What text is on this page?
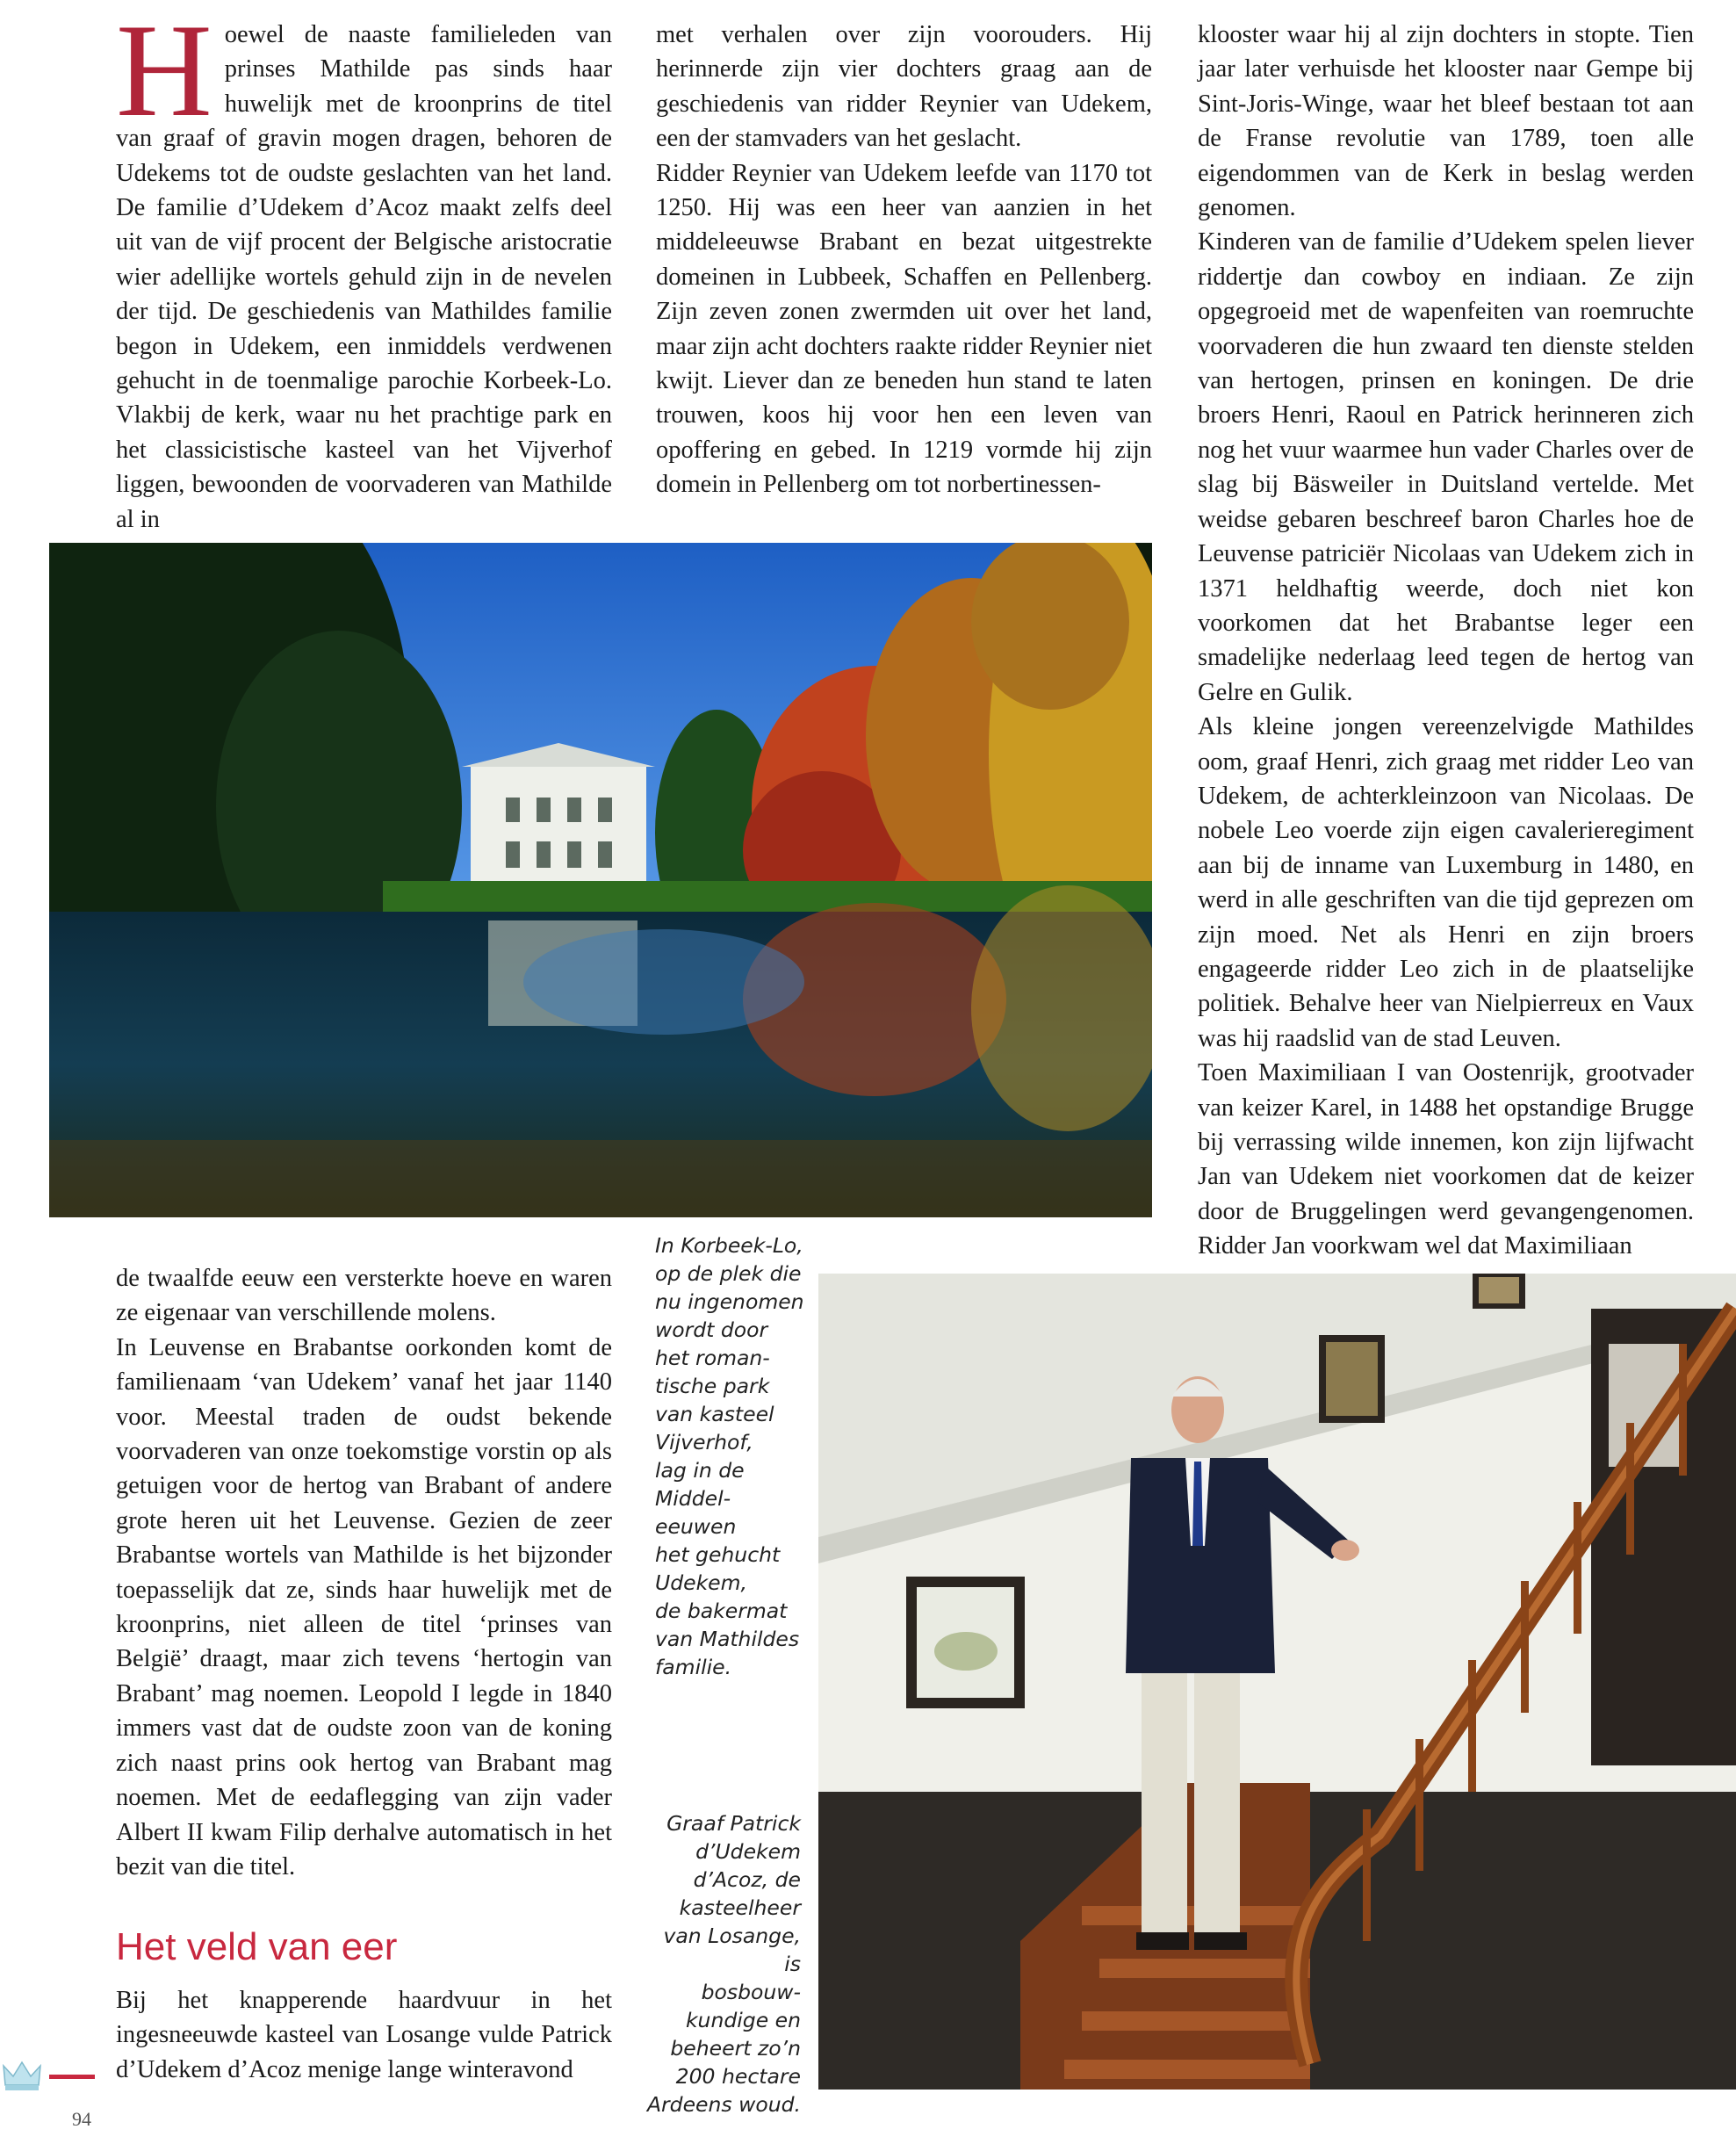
Hoewel de naaste familieleden van prinses Mathilde pas sinds haar huwelijk met de kroonprins de titel van graaf of gravin mogen dragen, behoren de Udekems tot de oudste geslachten van het land. De familie d’Udekem d’Acoz maakt zelfs deel uit van de vijf procent der Belgische aristocratie wier adellijke wortels gehuld zijn in de nevelen der tijd. De geschiedenis van Mathildes familie begon in Udekem, een inmiddels verdwenen gehucht in de toenmalige parochie Korbeek-Lo. Vlakbij de kerk, waar nu het prachtige park en het classicistische kasteel van het Vijverhof liggen, bewoonden de voorvaderen van Mathilde al in

met verhalen over zijn voorouders. Hij herinnerde zijn vier dochters graag aan de geschiedenis van ridder Reynier van Udekem, een der stamvaders van het geslacht.

Ridder Reynier van Udekem leefde van 1170 tot 1250. Hij was een heer van aanzien in het middeleeuwse Brabant en bezat uitgestrekte domeinen in Lubbeek, Schaffen en Pellenberg. Zijn zeven zonen zwermden uit over het land, maar zijn acht dochters raakte ridder Reynier niet kwijt. Liever dan ze beneden hun stand te laten trouwen, koos hij voor hen een leven van opoffering en gebed. In 1219 vormde hij zijn domein in Pellenberg om tot norbertinessen-

klooster waar hij al zijn dochters in stopte. Tien jaar later verhuisde het klooster naar Gempe bij Sint-Joris-Winge, waar het bleef bestaan tot aan de Franse revolutie van 1789, toen alle eigendommen van de Kerk in beslag werden genomen.

Kinderen van de familie d’Udekem spelen liever riddertje dan cowboy en indiaan. Ze zijn opgegroeid met de wapenfeiten van roemruchte voorvaderen die hun zwaard ten dienste stelden van hertogen, prinsen en koningen. De drie broers Henri, Raoul en Patrick herinneren zich nog het vuur waarmee hun vader Charles over de slag bij Bäsweiler in Duitsland vertelde. Met weidse gebaren beschreef baron Charles hoe de Leuvense patriciër Nicolaas van Udekem zich in 1371 heldhaftig weerde, doch niet kon voorkomen dat het Brabantse leger een smadelijke nederlaag leed tegen de hertog van Gelre en Gulik.

Als kleine jongen vereenzelvigde Mathildes oom, graaf Henri, zich graag met ridder Leo van Udekem, de achterkleinzoon van Nicolaas. De nobele Leo voerde zijn eigen cavalerieregiment aan bij de inname van Luxemburg in 1480, en werd in alle geschriften van die tijd geprezen om zijn moed. Net als Henri en zijn broers engageerde ridder Leo zich in de plaatselijke politiek. Behalve heer van Nielpierreux en Vaux was hij raadslid van de stad Leuven.

Toen Maximiliaan I van Oostenrijk, grootvader van keizer Karel, in 1488 het opstandige Brugge bij verrassing wilde innemen, kon zijn lijfwacht Jan van Udekem niet voorkomen dat de keizer door de Bruggelingen werd gevangengenomen. Ridder Jan voorkwam wel dat Maximiliaan

de twaalfde eeuw een versterkte hoeve en waren ze eigenaar van verschillende molens.

In Leuvense en Brabantse oorkonden komt de familienaam ‘van Udekem’ vanaf het jaar 1140 voor. Meestal traden de oudst bekende voorvaderen van onze toekomstige vorstin op als getuigen voor de hertog van Brabant of andere grote heren uit het Leuvense. Gezien de zeer Brabantse wortels van Mathilde is het bijzonder toepasselijk dat ze, sinds haar huwelijk met de kroonprins, niet alleen de titel ‘prinses van België’ draagt, maar zich tevens ‘hertogin van Brabant’ mag noemen. Leopold I legde in 1840 immers vast dat de oudste zoon van de koning zich naast prins ook hertog van Brabant mag noemen. Met de eedaflegging van zijn vader Albert II kwam Filip derhalve automatisch in het bezit van die titel.

Het veld van eer

Bij het knapperende haardvuur in het ingesneeuwde kasteel van Losange vulde Patrick d’Udekem d’Acoz menige lange winteravond

In Korbeek-Lo,
op de plek die
nu ingenomen
wordt door
het roman-
tische park
van kasteel
Vijverhof,
lag in de
Middel-
eeuwen
het gehucht
Udekem,
de bakermat
van Mathildes
familie.
Graaf Patrick
d’Udekem
d’Acoz, de
kasteelheer
van Losange, is
bosbouw-
kundige en
beheert zo’n
200 hectare
Ardeens woud.
94
